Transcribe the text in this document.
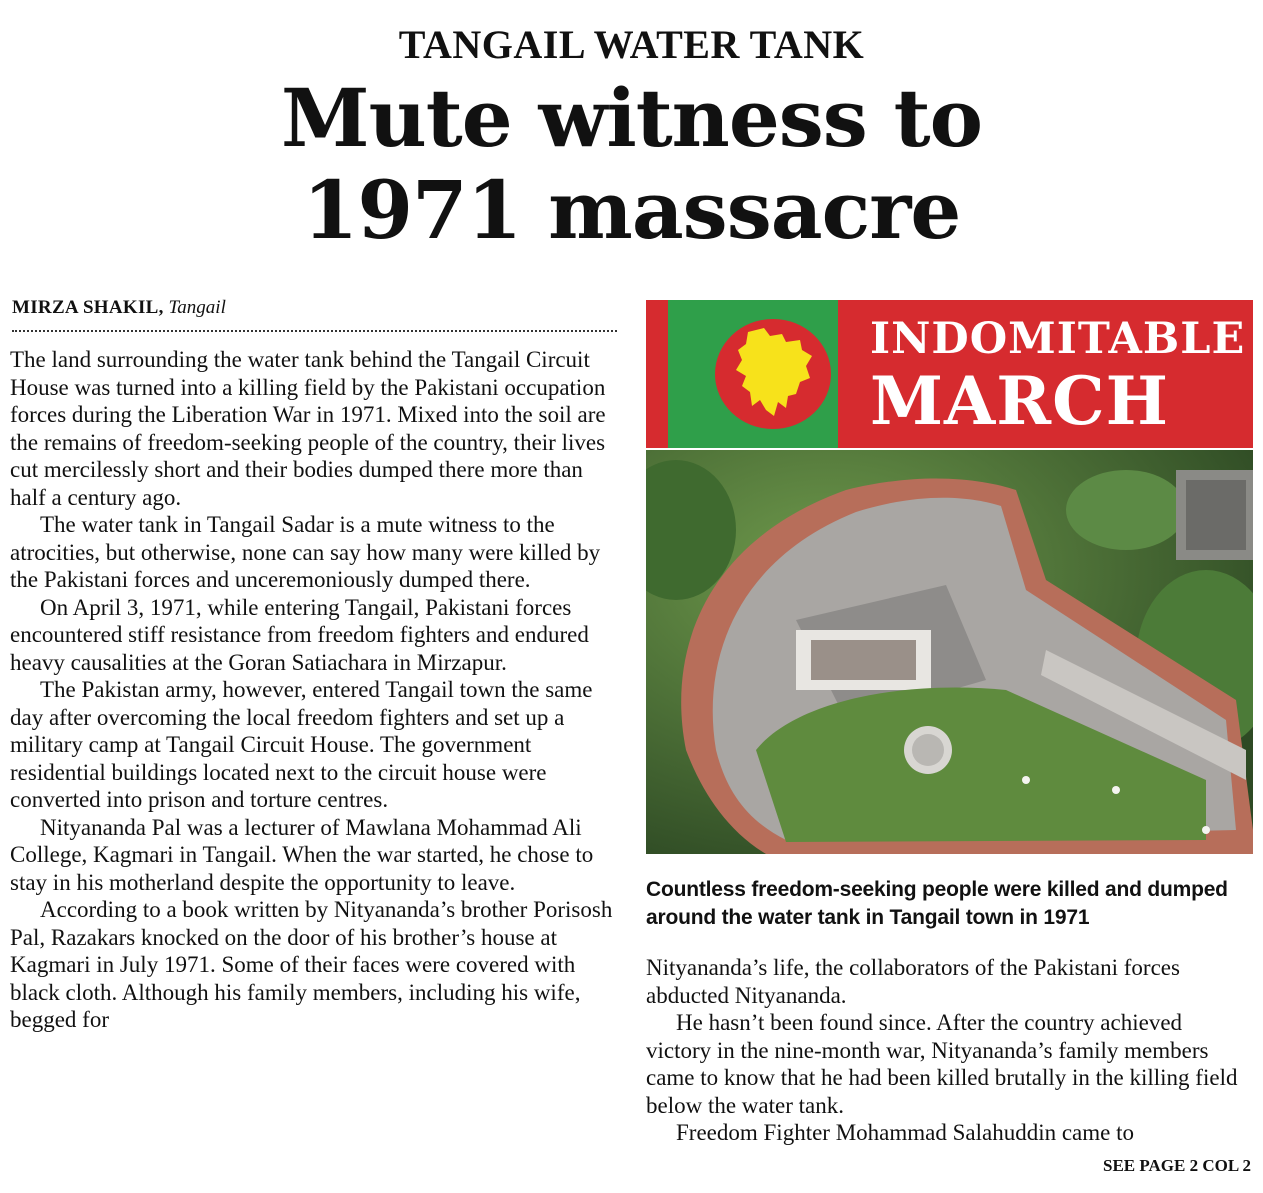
TANGAIL WATER TANK
Mute witness to
1971 massacre
MIRZA SHAKIL, Tangail

The land surrounding the water tank behind the Tangail Circuit House was turned into a killing field by the Pakistani occupation forces during the Liberation War in 1971. Mixed into the soil are the remains of freedom-seeking people of the country, their lives cut mercilessly short and their bodies dumped there more than half a century ago.

The water tank in Tangail Sadar is a mute witness to the atrocities, but otherwise, none can say how many were killed by the Pakistani forces and unceremoniously dumped there.

On April 3, 1971, while entering Tangail, Pakistani forces encountered stiff resistance from freedom fighters and endured heavy causalities at the Goran Satiachara in Mirzapur.

The Pakistan army, however, entered Tangail town the same day after overcoming the local freedom fighters and set up a military camp at Tangail Circuit House. The government residential buildings located next to the circuit house were converted into prison and torture centres.

Nityananda Pal was a lecturer of Mawlana Mohammad Ali College, Kagmari in Tangail. When the war started, he chose to stay in his motherland despite the opportunity to leave.

According to a book written by Nityananda’s brother Porisosh Pal, Razakars knocked on the door of his brother’s house at Kagmari in July 1971. Some of their faces were covered with black cloth. Although his family members, including his wife, begged for

INDOMITABLE
MARCH
Countless freedom-seeking people were killed and dumped around the water tank in Tangail town in 1971

Nityananda’s life, the collaborators of the Pakistani forces abducted Nityananda.

He hasn’t been found since. After the country achieved victory in the nine-month war, Nityananda’s family members came to know that he had been killed brutally in the killing field below the water tank.

Freedom Fighter Mohammad Salahuddin came to

SEE PAGE 2 COL 2
